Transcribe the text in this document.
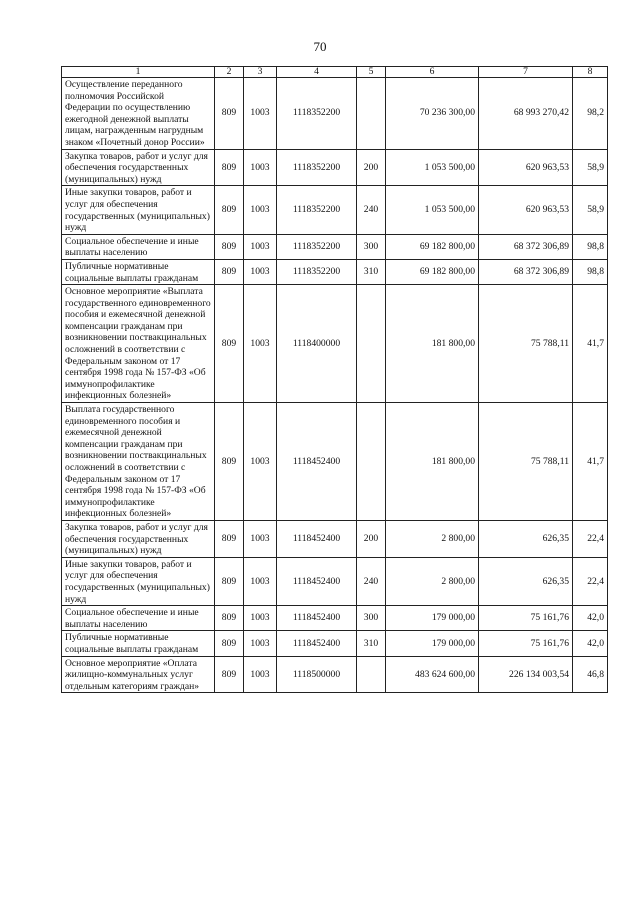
70
1	2	3	4	5	6	7	8
Осуществление переданного полномочия Российской Федерации по осуществлению ежегодной денежной выплаты лицам, награжденным нагрудным знаком «Почетный донор России»	809	1003	1118352200		70 236 300,00	68 993 270,42	98,2
Закупка товаров, работ и услуг для обеспечения государственных (муниципальных) нужд	809	1003	1118352200	200	1 053 500,00	620 963,53	58,9
Иные закупки товаров, работ и услуг для обеспечения государственных (муниципальных) нужд	809	1003	1118352200	240	1 053 500,00	620 963,53	58,9
Социальное обеспечение и иные выплаты населению	809	1003	1118352200	300	69 182 800,00	68 372 306,89	98,8
Публичные нормативные социальные выплаты гражданам	809	1003	1118352200	310	69 182 800,00	68 372 306,89	98,8
Основное мероприятие «Выплата государственного единовременного пособия и ежемесячной денежной компенсации гражданам при возникновении поствакцинальных осложнений в соответствии с Федеральным законом от 17 сентября 1998 года № 157-ФЗ «Об иммунопрофилактике инфекционных болезней»	809	1003	1118400000		181 800,00	75 788,11	41,7
Выплата государственного единовременного пособия и ежемесячной денежной компенсации гражданам при возникновении поствакцинальных осложнений в соответствии с Федеральным законом от 17 сентября 1998 года № 157-ФЗ «Об иммунопрофилактике инфекционных болезней»	809	1003	1118452400		181 800,00	75 788,11	41,7
Закупка товаров, работ и услуг для обеспечения государственных (муниципальных) нужд	809	1003	1118452400	200	2 800,00	626,35	22,4
Иные закупки товаров, работ и услуг для обеспечения государственных (муниципальных) нужд	809	1003	1118452400	240	2 800,00	626,35	22,4
Социальное обеспечение и иные выплаты населению	809	1003	1118452400	300	179 000,00	75 161,76	42,0
Публичные нормативные социальные выплаты гражданам	809	1003	1118452400	310	179 000,00	75 161,76	42,0
Основное мероприятие «Оплата жилищно-коммунальных услуг отдельным категориям граждан»	809	1003	1118500000		483 624 600,00	226 134 003,54	46,8
